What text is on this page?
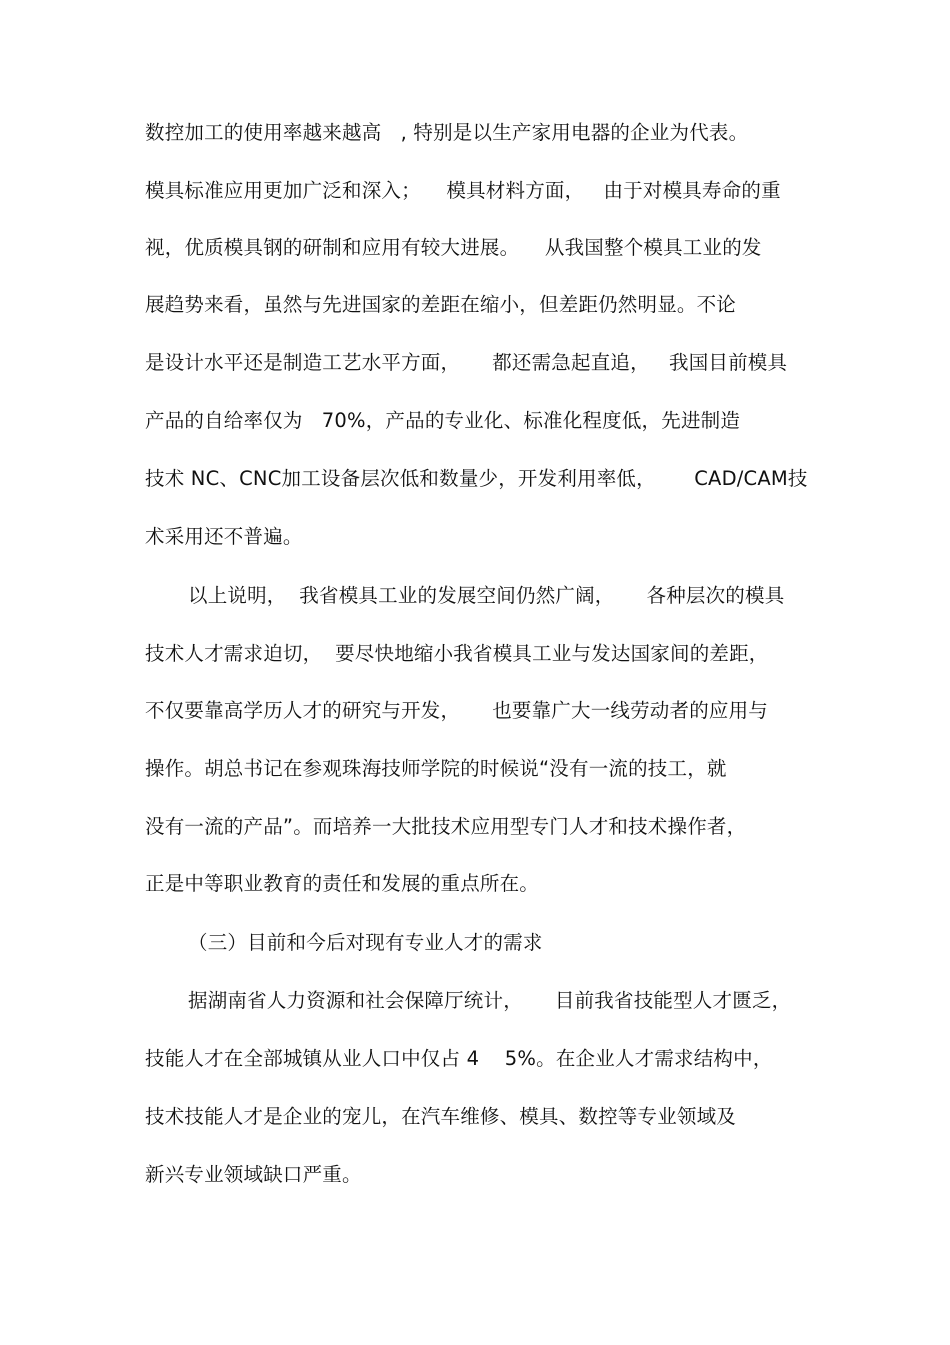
数控加工的使用率越来越高   , 特别是以生产家用电器的企业为代表。
模具标准应用更加广泛和深入；    模具材料方面，   由于对模具寿命的重
视，优质模具钢的研制和应用有较大进展。    从我国整个模具工业的发
展趋势来看，虽然与先进国家的差距在缩小，但差距仍然明显。不论
是设计水平还是制造工艺水平方面，     都还需急起直追，   我国目前模具
产品的自给率仅为   70%，产品的专业化、标准化程度低，先进制造
技术 NC、CNC加工设备层次低和数量少，开发利用率低，      CAD/CAM技
术采用还不普遍。
以上说明，  我省模具工业的发展空间仍然广阔，     各种层次的模具
技术人才需求迫切，  要尽快地缩小我省模具工业与发达国家间的差距，
不仅要靠高学历人才的研究与开发，     也要靠广大一线劳动者的应用与
操作。胡总书记在参观珠海技师学院的时候说“没有一流的技工，就
没有一流的产品”。而培养一大批技术应用型专门人才和技术操作者，
正是中等职业教育的责任和发展的重点所在。
（三）目前和今后对现有专业人才的需求
据湖南省人力资源和社会保障厅统计，     目前我省技能型人才匮乏，
技能人才在全部城镇从业人口中仅占 4    5%。在企业人才需求结构中，
技术技能人才是企业的宠儿，在汽车维修、模具、数控等专业领域及
新兴专业领域缺口严重。
